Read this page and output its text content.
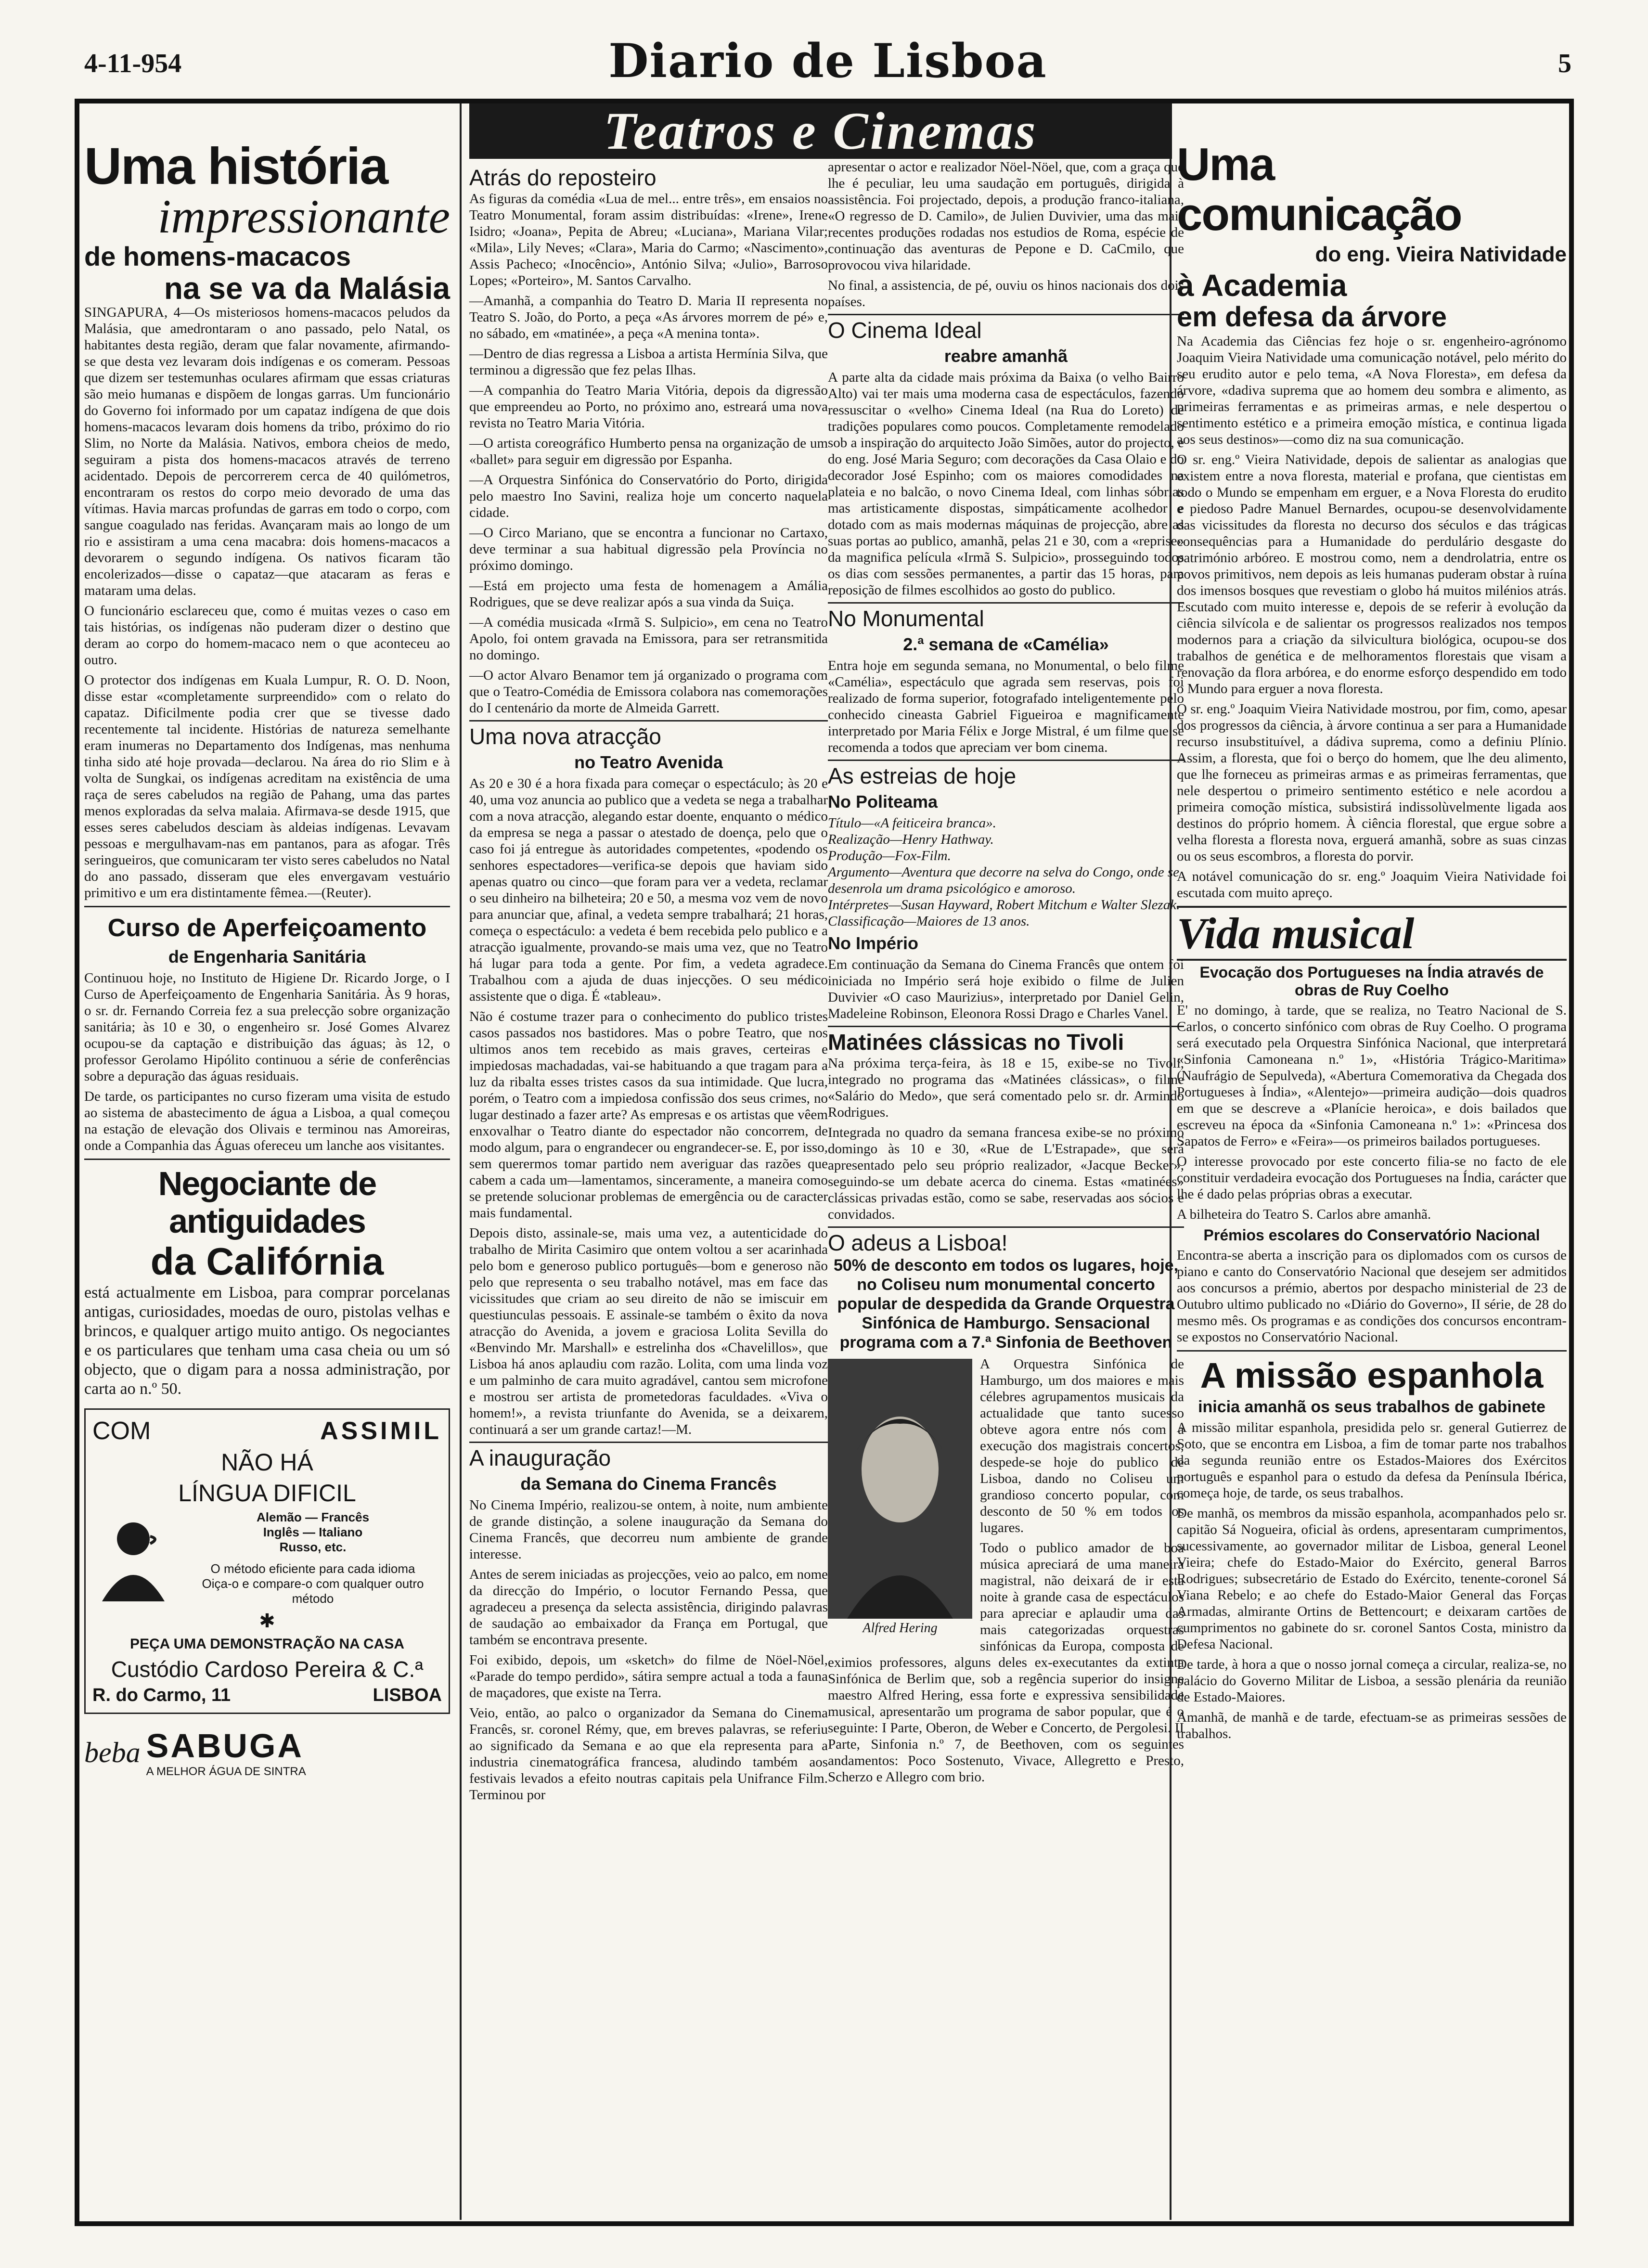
4-11-954	Diario de Lisboa	5
Uma história
impressionante
de homens-macacos
na se va da Malásia

SINGAPURA, 4—Os misteriosos homens-macacos peludos da Malásia, que amedrontaram o ano passado, pelo Natal, os habitantes desta região, deram que falar novamente, afirmando-se que desta vez levaram dois indígenas e os comeram. Pessoas que dizem ser testemunhas oculares afirmam que essas criaturas são meio humanas e dispõem de longas garras. Um funcionário do Governo foi informado por um capataz indígena de que dois homens-macacos levaram dois homens da tribo, próximo do rio Slim, no Norte da Malásia. Nativos, embora cheios de medo, seguiram a pista dos homens-macacos através de terreno acidentado. Depois de percorrerem cerca de 40 quilómetros, encontraram os restos do corpo meio devorado de uma das vítimas. Havia marcas profundas de garras em todo o corpo, com sangue coagulado nas feridas. Avançaram mais ao longo de um rio e assistiram a uma cena macabra: dois homens-macacos a devorarem o segundo indígena. Os nativos ficaram tão encolerizados—disse o capataz—que atacaram as feras e mataram uma delas.

O funcionário esclareceu que, como é muitas vezes o caso em tais histórias, os indígenas não puderam dizer o destino que deram ao corpo do homem-macaco nem o que aconteceu ao outro.

O protector dos indígenas em Kuala Lumpur, R. O. D. Noon, disse estar «completamente surpreendido» com o relato do capataz. Dificilmente podia crer que se tivesse dado recentemente tal incidente. Histórias de natureza semelhante eram inumeras no Departamento dos Indígenas, mas nenhuma tinha sido até hoje provada—declarou. Na área do rio Slim e à volta de Sungkai, os indígenas acreditam na existência de uma raça de seres cabeludos na região de Pahang, uma das partes menos exploradas da selva malaia. Afirmava-se desde 1915, que esses seres cabeludos desciam às aldeias indígenas. Levavam pessoas e mergulhavam-nas em pantanos, para as afogar. Três seringueiros, que comunicaram ter visto seres cabeludos no Natal do ano passado, disseram que eles envergavam vestuário primitivo e um era distintamente fêmea.—(Reuter).

Curso de Aperfeiçoamento
de Engenharia Sanitária

Continuou hoje, no Instituto de Higiene Dr. Ricardo Jorge, o I Curso de Aperfeiçoamento de Engenharia Sanitária. Às 9 horas, o sr. dr. Fernando Correia fez a sua prelecção sobre organização sanitária; às 10 e 30, o engenheiro sr. José Gomes Alvarez ocupou-se da captação e distribuição das águas; às 12, o professor Gerolamo Hipólito continuou a série de conferências sobre a depuração das águas residuais.

De tarde, os participantes no curso fizeram uma visita de estudo ao sistema de abastecimento de água a Lisboa, a qual começou na estação de elevação dos Olivais e terminou nas Amoreiras, onde a Companhia das Águas ofereceu um lanche aos visitantes.

Negociante de antiguidades
da Califórnia

está actualmente em Lisboa, para comprar porcelanas antigas, curiosidades, moedas de ouro, pistolas velhas e brincos, e qualquer artigo muito antigo. Os negociantes e os particulares que tenham uma casa cheia ou um só objecto, que o digam para a nossa administração, por carta ao n.º 50.

COM	ASSIMIL
NÃO HÁ
LÍNGUA DIFICIL
Alemão — Francês
Inglês — Italiano
Russo, etc.
O método eficiente para cada idioma
Oiça-o e compare-o com qualquer outro método
✱
PEÇA UMA DEMONSTRAÇÃO NA CASA
Custódio Cardoso Pereira & C.ª
R. do Carmo, 11	LISBOA
beba SABUGA
A MELHOR ÁGUA DE SINTRA
Teatros e Cinemas
Atrás do reposteiro

As figuras da comédia «Lua de mel... entre três», em ensaios no Teatro Monumental, foram assim distribuídas: «Irene», Irene Isidro; «Joana», Pepita de Abreu; «Luciana», Mariana Vilar; «Mila», Lily Neves; «Clara», Maria do Carmo; «Nascimento», Assis Pacheco; «Inocêncio», António Silva; «Julio», Barroso Lopes; «Porteiro», M. Santos Carvalho.

—Amanhã, a companhia do Teatro D. Maria II representa no Teatro S. João, do Porto, a peça «As árvores morrem de pé» e, no sábado, em «matinée», a peça «A menina tonta».

—Dentro de dias regressa a Lisboa a artista Hermínia Silva, que terminou a digressão que fez pelas Ilhas.

—A companhia do Teatro Maria Vitória, depois da digressão que empreendeu ao Porto, no próximo ano, estreará uma nova revista no Teatro Maria Vitória.

—O artista coreográfico Humberto pensa na organização de um «ballet» para seguir em digressão por Espanha.

—A Orquestra Sinfónica do Conservatório do Porto, dirigida pelo maestro Ino Savini, realiza hoje um concerto naquela cidade.

—O Circo Mariano, que se encontra a funcionar no Cartaxo, deve terminar a sua habitual digressão pela Província no próximo domingo.

—Está em projecto uma festa de homenagem a Amália Rodrigues, que se deve realizar após a sua vinda da Suiça.

—A comédia musicada «Irmã S. Sulpicio», em cena no Teatro Apolo, foi ontem gravada na Emissora, para ser retransmitida no domingo.

—O actor Alvaro Benamor tem já organizado o programa com que o Teatro-Comédia de Emissora colabora nas comemorações do I centenário da morte de Almeida Garrett.

Uma nova atracção
no Teatro Avenida

As 20 e 30 é a hora fixada para começar o espectáculo; às 20 e 40, uma voz anuncia ao publico que a vedeta se nega a trabalhar com a nova atracção, alegando estar doente, enquanto o médico da empresa se nega a passar o atestado de doença, pelo que o caso foi já entregue às autoridades competentes, «podendo os senhores espectadores—verifica-se depois que haviam sido apenas quatro ou cinco—que foram para ver a vedeta, reclamar o seu dinheiro na bilheteira; 20 e 50, a mesma voz vem de novo para anunciar que, afinal, a vedeta sempre trabalhará; 21 horas, começa o espectáculo: a vedeta é bem recebida pelo publico e a atracção igualmente, provando-se mais uma vez, que no Teatro há lugar para toda a gente. Por fim, a vedeta agradece. Trabalhou com a ajuda de duas injecções. O seu médico assistente que o diga. É «tableau».

Não é costume trazer para o conhecimento do publico tristes casos passados nos bastidores. Mas o pobre Teatro, que nos ultimos anos tem recebido as mais graves, certeiras e impiedosas machadadas, vai-se habituando a que tragam para a luz da ribalta esses tristes casos da sua intimidade. Que lucra, porém, o Teatro com a impiedosa confissão dos seus crimes, no lugar destinado a fazer arte? As empresas e os artistas que vêem enxovalhar o Teatro diante do espectador não concorrem, de modo algum, para o engrandecer ou engrandecer-se. E, por isso, sem querermos tomar partido nem averiguar das razões que cabem a cada um—lamentamos, sinceramente, a maneira como se pretende solucionar problemas de emergência ou de caracter mais fundamental.

Depois disto, assinale-se, mais uma vez, a autenticidade do trabalho de Mirita Casimiro que ontem voltou a ser acarinhada pelo bom e generoso publico português—bom e generoso não pelo que representa o seu trabalho notável, mas em face das vicissitudes que criam ao seu direito de não se imiscuir em questiunculas pessoais. E assinale-se também o êxito da nova atracção do Avenida, a jovem e graciosa Lolita Sevilla do «Benvindo Mr. Marshall» e estrelinha dos «Chavelillos», que Lisboa há anos aplaudiu com razão. Lolita, com uma linda voz e um palminho de cara muito agradável, cantou sem microfone e mostrou ser artista de prometedoras faculdades. «Viva o homem!», a revista triunfante do Avenida, se a deixarem, continuará a ser um grande cartaz!—M.

A inauguração
da Semana do Cinema Francês

No Cinema Império, realizou-se ontem, à noite, num ambiente de grande distinção, a solene inauguração da Semana do Cinema Francês, que decorreu num ambiente de grande interesse.

Antes de serem iniciadas as projecções, veio ao palco, em nome da direcção do Império, o locutor Fernando Pessa, que agradeceu a presença da selecta assistência, dirigindo palavras de saudação ao embaixador da França em Portugal, que também se encontrava presente.

Foi exibido, depois, um «sketch» do filme de Nöel-Nöel, «Parade do tempo perdido», sátira sempre actual a toda a fauna de maçadores, que existe na Terra.

Veio, então, ao palco o organizador da Semana do Cinema Francês, sr. coronel Rémy, que, em breves palavras, se referiu ao significado da Semana e ao que ela representa para a industria cinematográfica francesa, aludindo também aos festivais levados a efeito noutras capitais pela Unifrance Film. Terminou por

apresentar o actor e realizador Nöel-Nöel, que, com a graça que lhe é peculiar, leu uma saudação em português, dirigida à assistência. Foi projectado, depois, a produção franco-italiana, «O regresso de D. Camilo», de Julien Duvivier, uma das mais recentes produções rodadas nos estudios de Roma, espécie de continuação das aventuras de Pepone e D. CaCmilo, que provocou viva hilaridade.

No final, a assistencia, de pé, ouviu os hinos nacionais dos dois países.

O Cinema Ideal
reabre amanhã

A parte alta da cidade mais próxima da Baixa (o velho Bairro Alto) vai ter mais uma moderna casa de espectáculos, fazendo ressuscitar o «velho» Cinema Ideal (na Rua do Loreto) de tradições populares como poucos. Completamente remodelado sob a inspiração do arquitecto João Simões, autor do projecto, e do eng. José Maria Seguro; com decorações da Casa Olaio e do decorador José Espinho; com os maiores comodidades na plateia e no balcão, o novo Cinema Ideal, com linhas sóbrias mas artisticamente dispostas, simpáticamente acolhedor e dotado com as mais modernas máquinas de projecção, abre as suas portas ao publico, amanhã, pelas 21 e 30, com a «reprise» da magnifica película «Irmã S. Sulpicio», prosseguindo todos os dias com sessões permanentes, a partir das 15 horas, para reposição de filmes escolhidos ao gosto do publico.

No Monumental
2.ª semana de «Camélia»

Entra hoje em segunda semana, no Monumental, o belo filme «Camélia», espectáculo que agrada sem reservas, pois foi realizado de forma superior, fotografado inteligentemente pelo conhecido cineasta Gabriel Figueiroa e magnificamente interpretado por Maria Félix e Jorge Mistral, é um filme que se recomenda a todos que apreciam ver bom cinema.

As estreias de hoje
No Politeama

Título—«A feiticeira branca».
Realização—Henry Hathway.
Produção—Fox-Film.
Argumento—Aventura que decorre na selva do Congo, onde se desenrola um drama psicológico e amoroso.
Intérpretes—Susan Hayward, Robert Mitchum e Walter Slezak.
Classificação—Maiores de 13 anos.

No Império

Em continuação da Semana do Cinema Francês que ontem foi iniciada no Império será hoje exibido o filme de Julien Duvivier «O caso Maurizius», interpretado por Daniel Gelin, Madeleine Robinson, Eleonora Rossi Drago e Charles Vanel.

Matinées clássicas no Tivoli

Na próxima terça-feira, às 18 e 15, exibe-se no Tivoli, integrado no programa das «Matinées clássicas», o filme «Salário do Medo», que será comentado pelo sr. dr. Armindo Rodrigues.

Integrada no quadro da semana francesa exibe-se no próximo domingo às 10 e 30, «Rue de L'Estrapade», que será apresentado pelo seu próprio realizador, «Jacque Becker», seguindo-se um debate acerca do cinema. Estas «matinées» clássicas privadas estão, como se sabe, reservadas aos sócios e convidados.

O adeus a Lisboa!

50% de desconto em todos os lugares, hoje, no Coliseu num monumental concerto popular de despedida da Grande Orquestra Sinfónica de Hamburgo. Sensacional programa com a 7.ª Sinfonia de Beethoven

Alfred Hering

A Orquestra Sinfónica de Hamburgo, um dos maiores e mais célebres agrupamentos musicais da actualidade que tanto sucesso obteve agora entre nós com a execução dos magistrais concertos, despede-se hoje do publico de Lisboa, dando no Coliseu um grandioso concerto popular, com desconto de 50 % em todos os lugares.

Todo o publico amador de boa música apreciará de uma maneira magistral, não deixará de ir esta noite à grande casa de espectáculos para apreciar e aplaudir uma das mais categorizadas orquestras sinfónicas da Europa, composta de eximios professores, alguns deles ex-executantes da extinta Sinfónica de Berlim que, sob a regência superior do insigne maestro Alfred Hering, essa forte e expressiva sensibilidade musical, apresentarão um programa de sabor popular, que é o seguinte: I Parte, Oberon, de Weber e Concerto, de Pergolesi. II Parte, Sinfonia n.º 7, de Beethoven, com os seguintes andamentos: Poco Sostenuto, Vivace, Allegretto e Presto, Scherzo e Allegro com brio.

Uma comunicação
do eng. Vieira Natividade
à Academia
em defesa da árvore

Na Academia das Ciências fez hoje o sr. engenheiro-agrónomo Joaquim Vieira Natividade uma comunicação notável, pelo mérito do seu erudito autor e pelo tema, «A Nova Floresta», em defesa da árvore, «dadiva suprema que ao homem deu sombra e alimento, as primeiras ferramentas e as primeiras armas, e nele despertou o sentimento estético e a primeira emoção mística, e continua ligada aos seus destinos»—como diz na sua comunicação.

O sr. eng.º Vieira Natividade, depois de salientar as analogias que existem entre a nova floresta, material e profana, que cientistas em todo o Mundo se empenham em erguer, e a Nova Floresta do erudito e piedoso Padre Manuel Bernardes, ocupou-se desenvolvidamente das vicissitudes da floresta no decurso dos séculos e das trágicas consequências para a Humanidade do perdulário desgaste do património arbóreo. E mostrou como, nem a dendrolatria, entre os povos primitivos, nem depois as leis humanas puderam obstar à ruína dos imensos bosques que revestiam o globo há muitos milénios atrás. Escutado com muito interesse e, depois de se referir à evolução da ciência silvícola e de salientar os progressos realizados nos tempos modernos para a criação da silvicultura biológica, ocupou-se dos trabalhos de genética e de melhoramentos florestais que visam a renovação da flora arbórea, e do enorme esforço despendido em todo o Mundo para erguer a nova floresta.

O sr. eng.º Joaquim Vieira Natividade mostrou, por fim, como, apesar dos progressos da ciência, à árvore continua a ser para a Humanidade recurso insubstituível, a dádiva suprema, como a definiu Plínio. Assim, a floresta, que foi o berço do homem, que lhe deu alimento, que lhe forneceu as primeiras armas e as primeiras ferramentas, que nele despertou o primeiro sentimento estético e nele acordou a primeira comoção mística, subsistirá indissolùvelmente ligada aos destinos do próprio homem. À ciência florestal, que ergue sobre a velha floresta a floresta nova, erguerá amanhã, sobre as suas cinzas ou os seus escombros, a floresta do porvir.

A notável comunicação do sr. eng.º Joaquim Vieira Natividade foi escutada com muito apreço.

Vida musical
Evocação dos Portugueses na Índia através de obras de Ruy Coelho

E' no domingo, à tarde, que se realiza, no Teatro Nacional de S. Carlos, o concerto sinfónico com obras de Ruy Coelho. O programa será executado pela Orquestra Sinfónica Nacional, que interpretará «Sinfonia Camoneana n.º 1», «História Trágico-Maritima» (Naufrágio de Sepulveda), «Abertura Comemorativa da Chegada dos Portugueses à Índia», «Alentejo»—primeira audição—dois quadros em que se descreve a «Planície heroica», e dois bailados que escreveu na época da «Sinfonia Camoneana n.º 1»: «Princesa dos Sapatos de Ferro» e «Feira»—os primeiros bailados portugueses.

O interesse provocado por este concerto filia-se no facto de ele constituir verdadeira evocação dos Portugueses na Índia, carácter que lhe é dado pelas próprias obras a executar.

A bilheteira do Teatro S. Carlos abre amanhã.

Prémios escolares do Conservatório Nacional

Encontra-se aberta a inscrição para os diplomados com os cursos de piano e canto do Conservatório Nacional que desejem ser admitidos aos concursos a prémio, abertos por despacho ministerial de 23 de Outubro ultimo publicado no «Diário do Governo», II série, de 28 do mesmo mês. Os programas e as condições dos concursos encontram-se expostos no Conservatório Nacional.

A missão espanhola
inicia amanhã os seus trabalhos de gabinete

A missão militar espanhola, presidida pelo sr. general Gutierrez de Soto, que se encontra em Lisboa, a fim de tomar parte nos trabalhos da segunda reunião entre os Estados-Maiores dos Exércitos português e espanhol para o estudo da defesa da Península Ibérica, começa hoje, de tarde, os seus trabalhos.

De manhã, os membros da missão espanhola, acompanhados pelo sr. capitão Sá Nogueira, oficial às ordens, apresentaram cumprimentos, sucessivamente, ao governador militar de Lisboa, general Leonel Vieira; chefe do Estado-Maior do Exército, general Barros Rodrigues; subsecretário de Estado do Exército, tenente-coronel Sá Viana Rebelo; e ao chefe do Estado-Maior General das Forças Armadas, almirante Ortins de Bettencourt; e deixaram cartões de cumprimentos no gabinete do sr. coronel Santos Costa, ministro da Defesa Nacional.

De tarde, à hora a que o nosso jornal começa a circular, realiza-se, no palácio do Governo Militar de Lisboa, a sessão plenária da reunião de Estado-Maiores.

Amanhã, de manhã e de tarde, efectuam-se as primeiras sessões de trabalhos.
